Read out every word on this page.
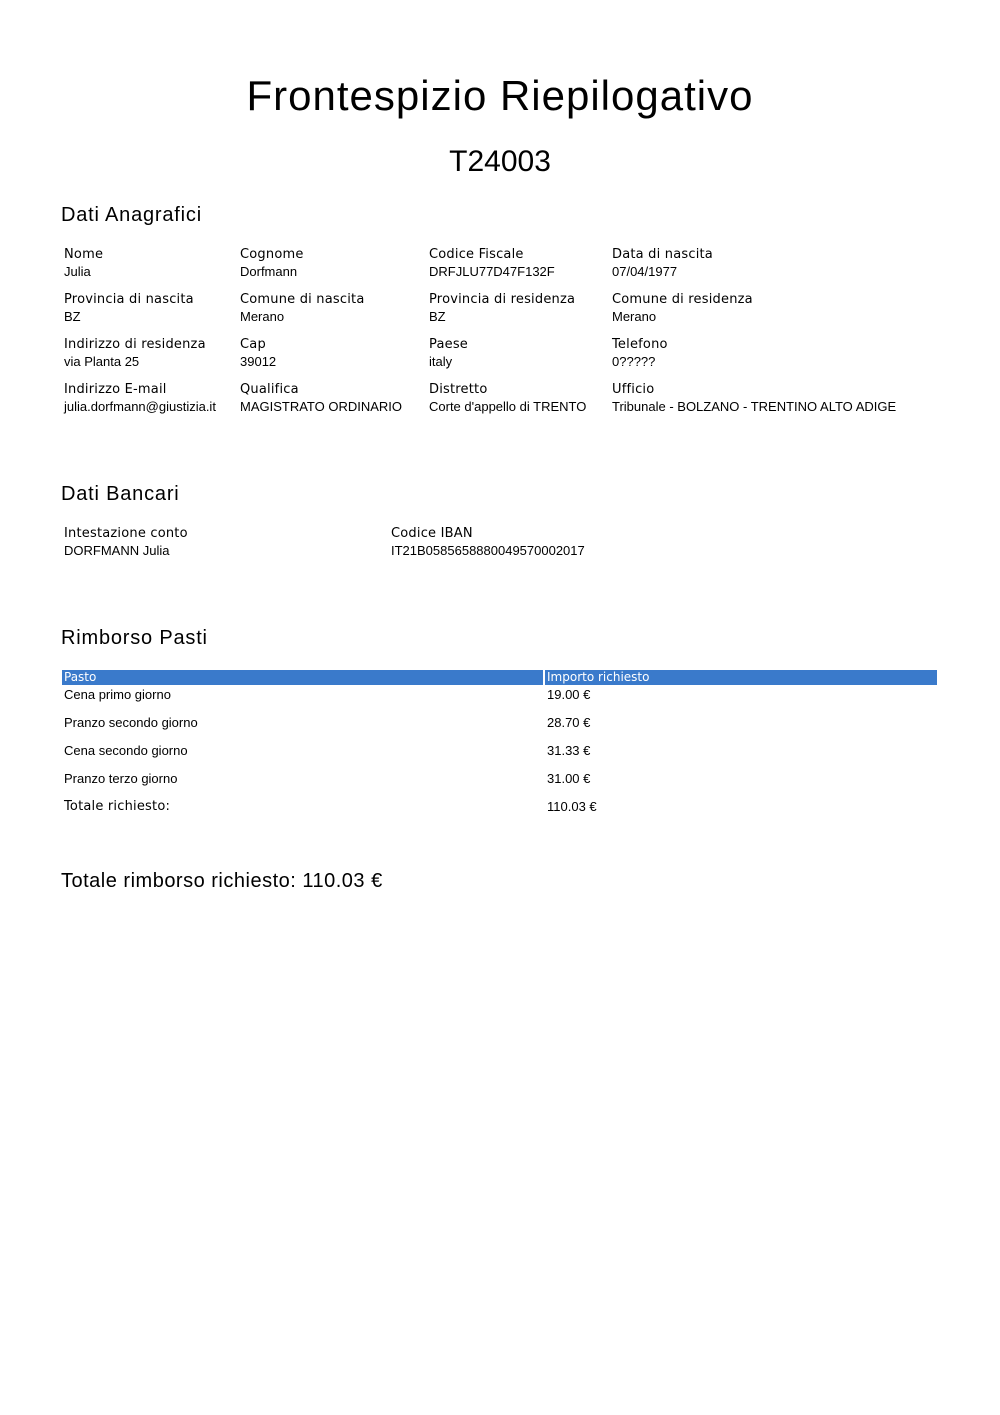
Frontespizio Riepilogativo
T24003
Dati Anagrafici
Nome
Julia
Cognome
Dorfmann
Codice Fiscale
DRFJLU77D47F132F
Data di nascita
07/04/1977
Provincia di nascita
BZ
Comune di nascita
Merano
Provincia di residenza
BZ
Comune di residenza
Merano
Indirizzo di residenza
via Planta 25
Cap
39012
Paese
italy
Telefono
0?????
Indirizzo E-mail
julia.dorfmann@giustizia.it
Qualifica
MAGISTRATO ORDINARIO
Distretto
Corte d'appello di TRENTO
Ufficio
Tribunale - BOLZANO - TRENTINO ALTO ADIGE
Dati Bancari
Intestazione conto
DORFMANN Julia
Codice IBAN
IT21B0585658880049570002017
Rimborso Pasti
Pasto	Importo richiesto
Cena primo giorno	19.00 €
Pranzo secondo giorno	28.70 €
Cena secondo giorno	31.33 €
Pranzo terzo giorno	31.00 €
Totale richiesto:	110.03 €
Totale rimborso richiesto: 110.03 €
